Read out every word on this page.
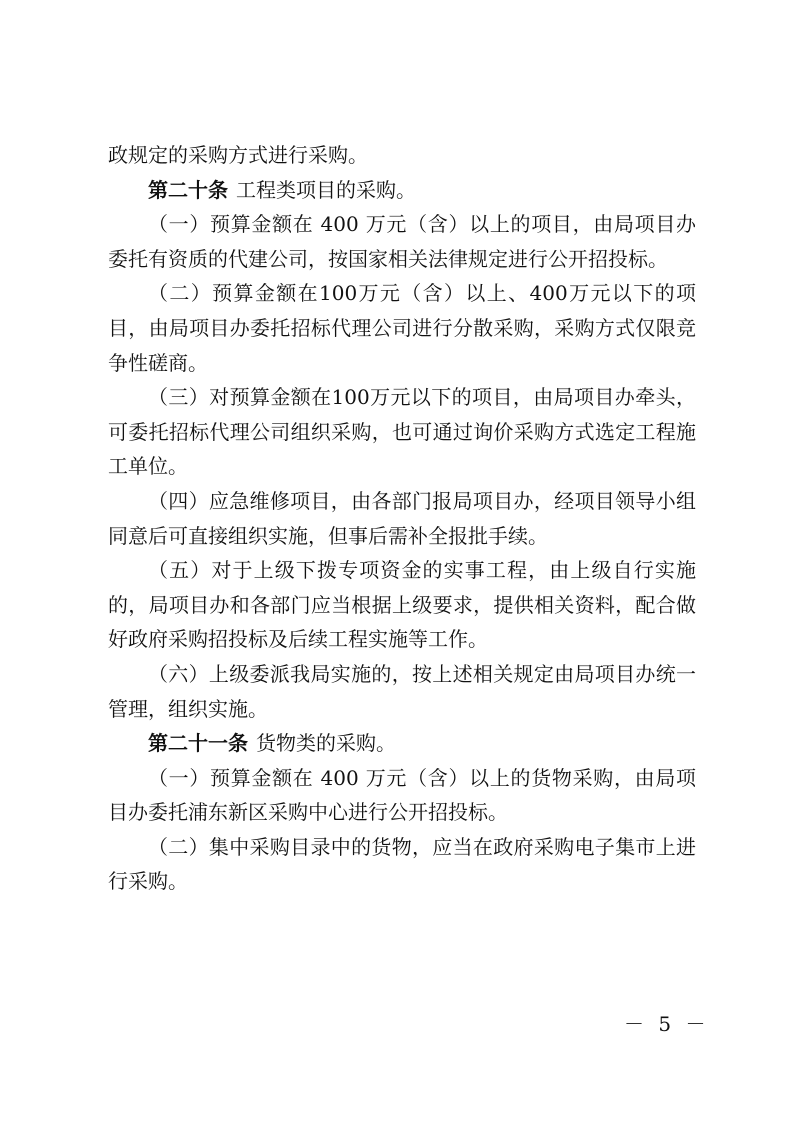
政规定的采购方式进行采购。

第二十条 工程类项目的采购。

（一）预算金额在 400 万元（含）以上的项目，由局项目办委托有资质的代建公司，按国家相关法律规定进行公开招投标。

（二）预算金额在100万元（含）以上、400万元以下的项目，由局项目办委托招标代理公司进行分散采购，采购方式仅限竞争性磋商。

（三）对预算金额在100万元以下的项目，由局项目办牵头，可委托招标代理公司组织采购，也可通过询价采购方式选定工程施工单位。

（四）应急维修项目，由各部门报局项目办，经项目领导小组同意后可直接组织实施，但事后需补全报批手续。

（五）对于上级下拨专项资金的实事工程，由上级自行实施的，局项目办和各部门应当根据上级要求，提供相关资料，配合做好政府采购招投标及后续工程实施等工作。

（六）上级委派我局实施的，按上述相关规定由局项目办统一管理，组织实施。

第二十一条 货物类的采购。

（一）预算金额在 400 万元（含）以上的货物采购，由局项目办委托浦东新区采购中心进行公开招投标。

（二）集中采购目录中的货物，应当在政府采购电子集市上进行采购。

－ 5 －
